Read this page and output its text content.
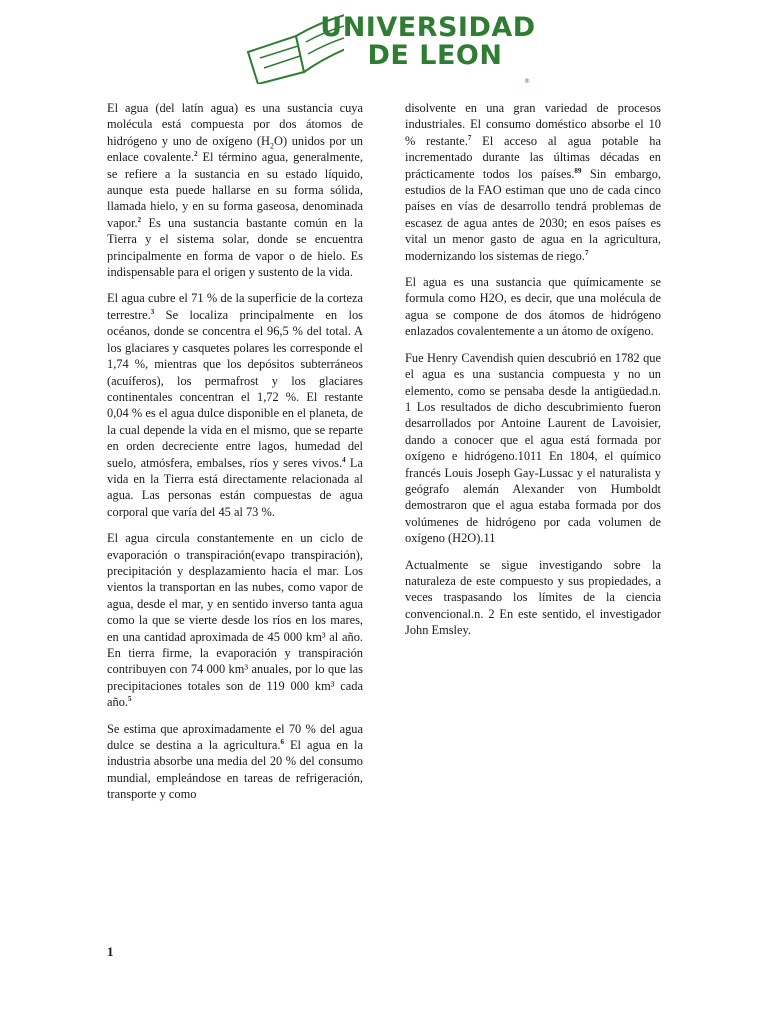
UNIVERSIDAD
DE LEON
®

El agua (del latín agua) es una sustancia cuya molécula está compuesta por dos átomos de hidrógeno y uno de oxígeno $(H_2O)$ unidos por un enlace covalente.$^2$ El término agua, generalmente, se refiere a la sustancia en su estado líquido, aunque esta puede hallarse en su forma sólida, llamada hielo, y en su forma gaseosa, denominada vapor.$^2$ Es una sustancia bastante común en la Tierra y el sistema solar, donde se encuentra principalmente en forma de vapor o de hielo. Es indispensable para el origen y sustento de la vida.

El agua cubre el 71 % de la superficie de la corteza terrestre.$^3$ Se localiza principalmente en los océanos, donde se concentra el 96,5 % del total. A los glaciares y casquetes polares les corresponde el 1,74 %, mientras que los depósitos subterráneos (acuíferos), los permafrost y los glaciares continentales concentran el 1,72 %. El restante 0,04 % es el agua dulce disponible en el planeta, de la cual depende la vida en el mismo, que se reparte en orden decreciente entre lagos, humedad del suelo, atmósfera, embalses, ríos y seres vivos.$^4$ La vida en la Tierra está directamente relacionada al agua. Las personas están compuestas de agua corporal que varía del 45 al 73 %.

El agua circula constantemente en un ciclo de evaporación o transpiración(evapo transpiración), precipitación y desplazamiento hacia el mar. Los vientos la transportan en las nubes, como vapor de agua, desde el mar, y en sentido inverso tanta agua como la que se vierte desde los ríos en los mares, en una cantidad aproximada de 45 000 km³ al año. En tierra firme, la evaporación y transpiración contribuyen con 74 000 km³ anuales, por lo que las precipitaciones totales son de 119 000 km³ cada año.$^5$

Se estima que aproximadamente el 70 % del agua dulce se destina a la agricultura.$^6$ El agua en la industria absorbe una media del 20 % del consumo mundial, empleándose en tareas de refrigeración, transporte y como

disolvente en una gran variedad de procesos industriales. El consumo doméstico absorbe el 10 % restante.$^7$ El acceso al agua potable ha incrementado durante las últimas décadas en prácticamente todos los países.$^{89}$ Sin embargo, estudios de la FAO estiman que uno de cada cinco países en vías de desarrollo tendrá problemas de escasez de agua antes de 2030; en esos países es vital un menor gasto de agua en la agricultura, modernizando los sistemas de riego.$^7$

El agua es una sustancia que químicamente se formula como H2O, es decir, que una molécula de agua se compone de dos átomos de hidrógeno enlazados covalentemente a un átomo de oxígeno.

Fue Henry Cavendish quien descubrió en 1782 que el agua es una sustancia compuesta y no un elemento, como se pensaba desde la antigüedad.n. 1 Los resultados de dicho descubrimiento fueron desarrollados por Antoine Laurent de Lavoisier, dando a conocer que el agua está formada por oxígeno e hidrógeno.1011 En 1804, el químico francés Louis Joseph Gay-Lussac y el naturalista y geógrafo alemán Alexander von Humboldt demostraron que el agua estaba formada por dos volúmenes de hidrógeno por cada volumen de oxígeno (H2O).11

Actualmente se sigue investigando sobre la naturaleza de este compuesto y sus propiedades, a veces traspasando los límites de la ciencia convencional.n. 2 En este sentido, el investigador John Emsley.

1
